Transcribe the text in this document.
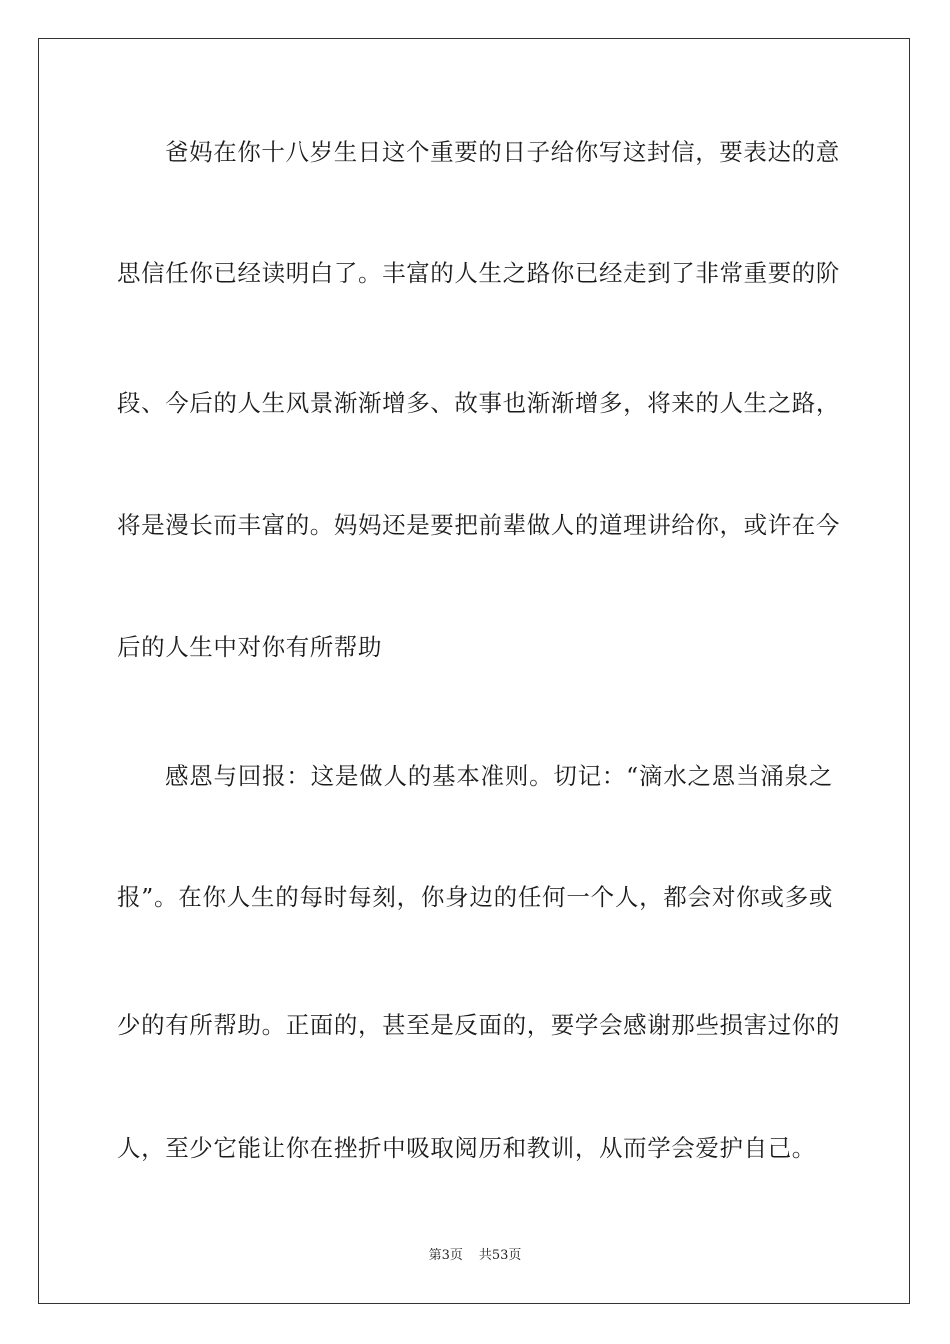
爸妈在你十八岁生日这个重要的日子给你写这封信，要表达的意
思信任你已经读明白了。丰富的人生之路你已经走到了非常重要的阶
段、今后的人生风景渐渐增多、故事也渐渐增多，将来的人生之路，
将是漫长而丰富的。妈妈还是要把前辈做人的道理讲给你，或许在今
后的人生中对你有所帮助
感恩与回报：这是做人的基本准则。切记：“滴水之恩当涌泉之
报”。在你人生的每时每刻，你身边的任何一个人，都会对你或多或
少的有所帮助。正面的，甚至是反面的，要学会感谢那些损害过你的
人，至少它能让你在挫折中吸取阅历和教训，从而学会爱护自己。
第3页 共53页
